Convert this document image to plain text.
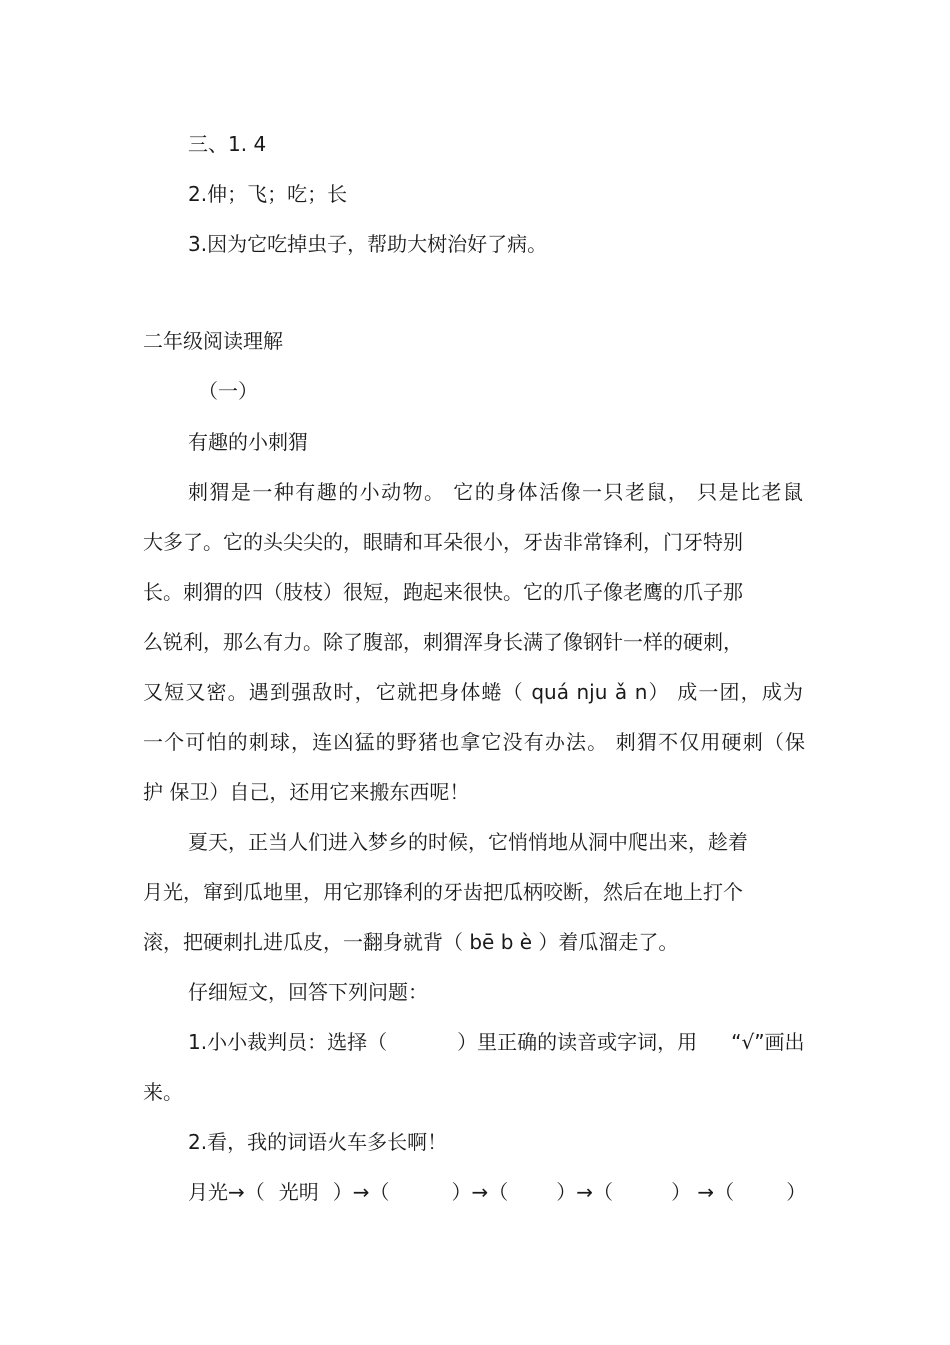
三、1. 4
2.伸；飞；吃；长
3.因为它吃掉虫子，帮助大树治好了病。
二年级阅读理解
（一）
有趣的小刺猬
刺猬是一种有趣的小动物。 它的身体活像一只老鼠， 只是比老鼠
大多了。它的头尖尖的，眼睛和耳朵很小，牙齿非常锋利，门牙特别
长。刺猬的四（肢枝）很短，跑起来很快。它的爪子像老鹰的爪子那
么锐利，那么有力。除了腹部，刺猬浑身长满了像钢针一样的硬刺，
又短又密。遇到强敌时，它就把身体蜷（ quá nju ǎ n） 成一团，成为
一个可怕的刺球，连凶猛的野猪也拿它没有办法。 刺猬不仅用硬刺（保
护 保卫）自己，还用它来搬东西呢！
夏天，正当人们进入梦乡的时候，它悄悄地从洞中爬出来，趁着
月光，窜到瓜地里，用它那锋利的牙齿把瓜柄咬断，然后在地上打个
滚，把硬刺扎进瓜皮，一翻身就背（ bē b è ）着瓜溜走了。
仔细短文，回答下列问题：
1.小小裁判员：选择（	）里正确的读音或字词，用 “√”画出
来。
2.看，我的词语火车多长啊！
月光→（ 光明 ）→（	）→（ ）→（	） →（	）
